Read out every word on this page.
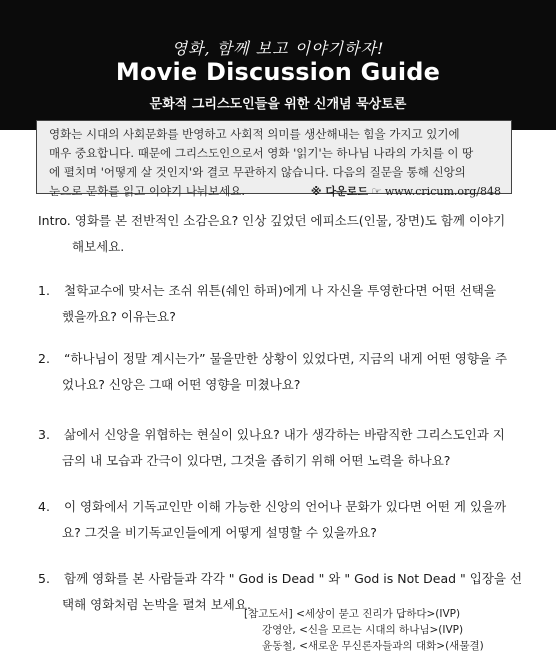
영화, 함께 보고 이야기하자!
Movie Discussion Guide
문화적 그리스도인들을 위한 신개념 묵상토론
영화는 시대의 사회문화를 반영하고 사회적 의미를 생산해내는 힘을 가지고 있기에
매우 중요합니다. 때문에 그리스도인으로서 영화 '읽기'는 하나님 나라의 가치를 이 땅
에 펼치며 '어떻게 살 것인지'와 결코 무관하지 않습니다. 다음의 질문을 통해 신앙의
눈으로 문화를 읽고 이야기 나눠보세요.	※ 다운로드 ☞ www.cricum.org/848
Intro. 영화를 본 전반적인 소감은요? 인상 깊었던 에피소드(인물, 장면)도 함께 이야기
해보세요.
1. 철학교수에 맞서는 조쉬 위튼(쉐인 하퍼)에게 나 자신을 투영한다면 어떤 선택을
했을까요? 이유는요?
2. “하나님이 정말 계시는가” 물을만한 상황이 있었다면, 지금의 내게 어떤 영향을 주
었나요? 신앙은 그때 어떤 영향을 미쳤나요?
3. 삶에서 신앙을 위협하는 현실이 있나요? 내가 생각하는 바람직한 그리스도인과 지
금의 내 모습과 간극이 있다면, 그것을 좁히기 위해 어떤 노력을 하나요?
4. 이 영화에서 기독교인만 이해 가능한 신앙의 언어나 문화가 있다면 어떤 게 있을까
요? 그것을 비기독교인들에게 어떻게 설명할 수 있을까요?
5. 함께 영화를 본 사람들과 각각 " God is Dead " 와 " God is Not Dead " 입장을 선
택해 영화처럼 논박을 펼쳐 보세요.
[참고도서] <세상이 묻고 진리가 답하다>(IVP)
강영안, <신을 모르는 시대의 하나님>(IVP)
윤동철, <새로운 무신론자들과의 대화>(새물결)
